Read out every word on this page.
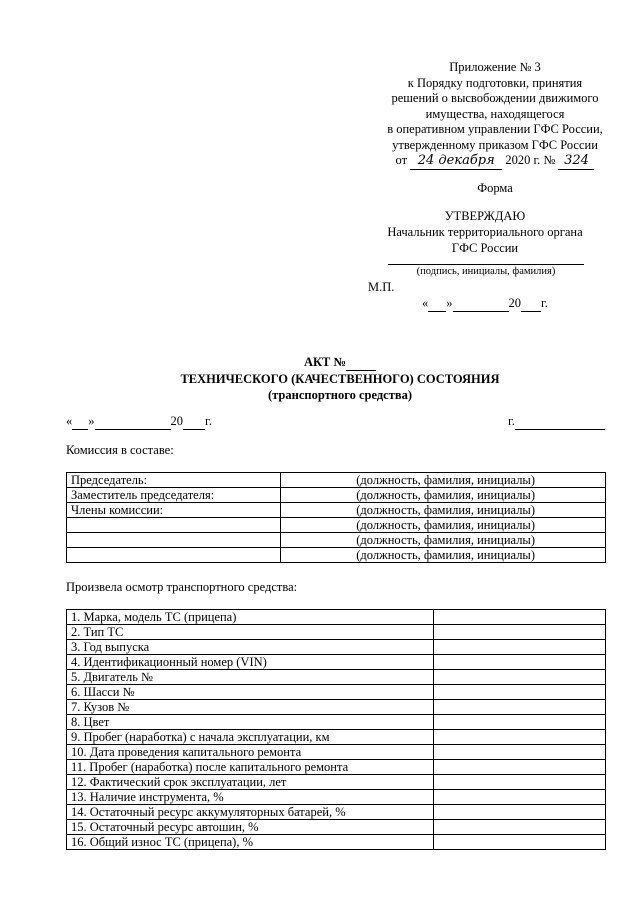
Приложение № 3
к Порядку подготовки, принятия
решений о высвобождении движимого
имущества, находящегося
в оперативном управлении ГФС России,
утвержденному приказом ГФС России
от 24 декабря 2020 г. № 324
Форма
УТВЕРЖДАЮ
Начальник территориального органа
ГФС России
(подпись, инициалы, фамилия)
М.П.
« »	20 г.
АКТ №
ТЕХНИЧЕСКОГО (КАЧЕСТВЕННОГО) СОСТОЯНИЯ
(транспортного средства)
« »	20 г.	г.
Комиссия в составе:
Председатель:	(должность, фамилия, инициалы)
Заместитель председателя:	(должность, фамилия, инициалы)
Члены комиссии:	(должность, фамилия, инициалы)
	(должность, фамилия, инициалы)
	(должность, фамилия, инициалы)
	(должность, фамилия, инициалы)
Произвела осмотр транспортного средства:
1. Марка, модель ТС (прицепа)	
2. Тип ТС	
3. Год выпуска	
4. Идентификационный номер (VIN)	
5. Двигатель №	
6. Шасси №	
7. Кузов №	
8. Цвет	
9. Пробег (наработка) с начала эксплуатации, км	
10. Дата проведения капитального ремонта	
11. Пробег (наработка) после капитального ремонта	
12. Фактический срок эксплуатации, лет	
13. Наличие инструмента, %	
14. Остаточный ресурс аккумуляторных батарей, %	
15. Остаточный ресурс автошин, %	
16. Общий износ ТС (прицепа), %	
